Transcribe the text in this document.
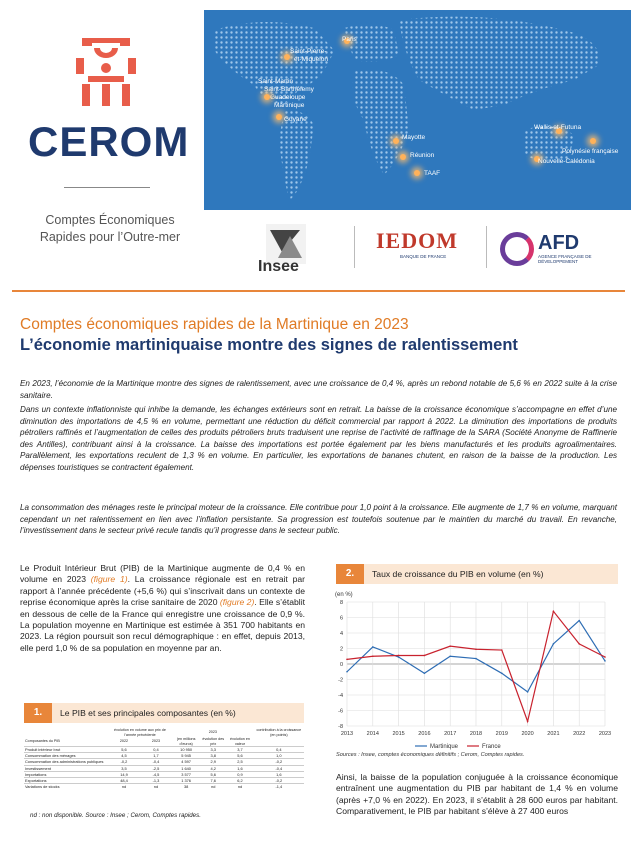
CEROM
Comptes Économiques
Rapides pour l’Outre-mer
Paris
Saint-Pierre-
et-Miquelon
Saint-Martin
Saint-Barthélemy
Guadeloupe
Martinique
Guyane
Mayotte
Réunion
TAAF
Wallis-et-Futuna
Polynésie française
Nouvelle-Calédonia
Insee
IEDOM
BANQUE DE FRANCE
AFD
AGENCE FRANÇAISE DE DÉVELOPPEMENT
Comptes économiques rapides de la Martinique en 2023
L’économie martiniquaise montre des signes de ralentissement

En 2023, l’économie de la Martinique montre des signes de ralentissement, avec une croissance de 0,4 %, après un rebond notable de 5,6 % en 2022 suite à la crise sanitaire.

Dans un contexte inflationniste qui inhibe la demande, les échanges extérieurs sont en retrait. La baisse de la croissance économique s’accompagne en effet d’une diminution des importations de 4,5 % en volume, permettant une réduction du déficit commercial par rapport à 2022. La diminution des importations de produits pétroliers raffinés et l’augmentation de celles des produits pétroliers bruts traduisent une reprise de l’activité de raffinage de la SARA (Société Anonyme de Raffinerie des Antilles), contribuant ainsi à la croissance. La baisse des importations est portée également par les biens manufacturés et les produits agroalimentaires. Parallèlement, les exportations reculent de 1,3 % en volume. En particulier, les exportations de bananes chutent, en raison de la baisse de la production. Les dépenses touristiques se contractent également.

La consommation des ménages reste le principal moteur de la croissance. Elle contribue pour 1,0 point à la croissance. Elle augmente de 1,7 % en volume, marquant cependant un net ralentissement en lien avec l’inflation persistante. Sa progression est toutefois soutenue par le maintien du marché du travail. En revanche, l’investissement dans le secteur privé recule tandis qu’il progresse dans le secteur public.

Le Produit Intérieur Brut (PIB) de la Martinique augmente de 0,4 % en volume en 2023 (figure 1). La croissance régionale est en retrait par rapport à l’année précédente (+5,6 %) qui s’inscrivait dans un contexte de reprise économique après la crise sanitaire de 2020 (figure 2). Elle s’établit en dessous de celle de la France qui enregistre une croissance de 0,9 %. La population moyenne en Martinique est estimée à 351 700 habitants en 2023. La région poursuit son recul démographique : en effet, depuis 2013, elle perd 1,0 % de sa population en moyenne par an.

1.	Le PIB et ses principales composantes (en %)
	évolution en volume aux prix de l’année précédente		2023			contribution à la croissance (en points)
Composantes du PIB	2022	2023	(en millions d’euros)	évolution des prix	évolution en valeur	
Produit intérieur brut	5,6	0,4	10 950	3,3	3,7	0,4
Consommation des ménages	4,5	1,7	5 945	3,8	5,6	1,0
Consommation des administrations publiques	-0,2	-0,4	4 597	2,9	2,5	-0,2
Investissement	3,5	-2,5	1 640	4,2	1,6	-0,4
Importations	14,9	-4,5	3 577	5,6	0,9	1,6
Exportations	48,4	-1,3	1 376	7,6	6,2	-0,2
Variations de stocks	nd	nd	38	nd	nd	-1,4
nd : non disponible. Source : Insee ; Cerom, Comptes rapides.
2.	Taux de croissance du PIB en volume (en %)
(en %)
8
6
4
2
0
-2
-4
-6
-8
2013 2014 2015 2016 2017 2018 2019 2020 2021 2022 2023
Martinique	France
Sources : Insee, comptes économiques définitifs ; Cerom, Comptes rapides.

Ainsi, la baisse de la population conjuguée à la croissance économique entraînent une augmentation du PIB par habitant de 1,4 % en volume (après +7,0 % en 2022). En 2023, il s’établit à 28 600 euros par habitant. Comparativement, le PIB par habitant s’élève à 27 400 euros
